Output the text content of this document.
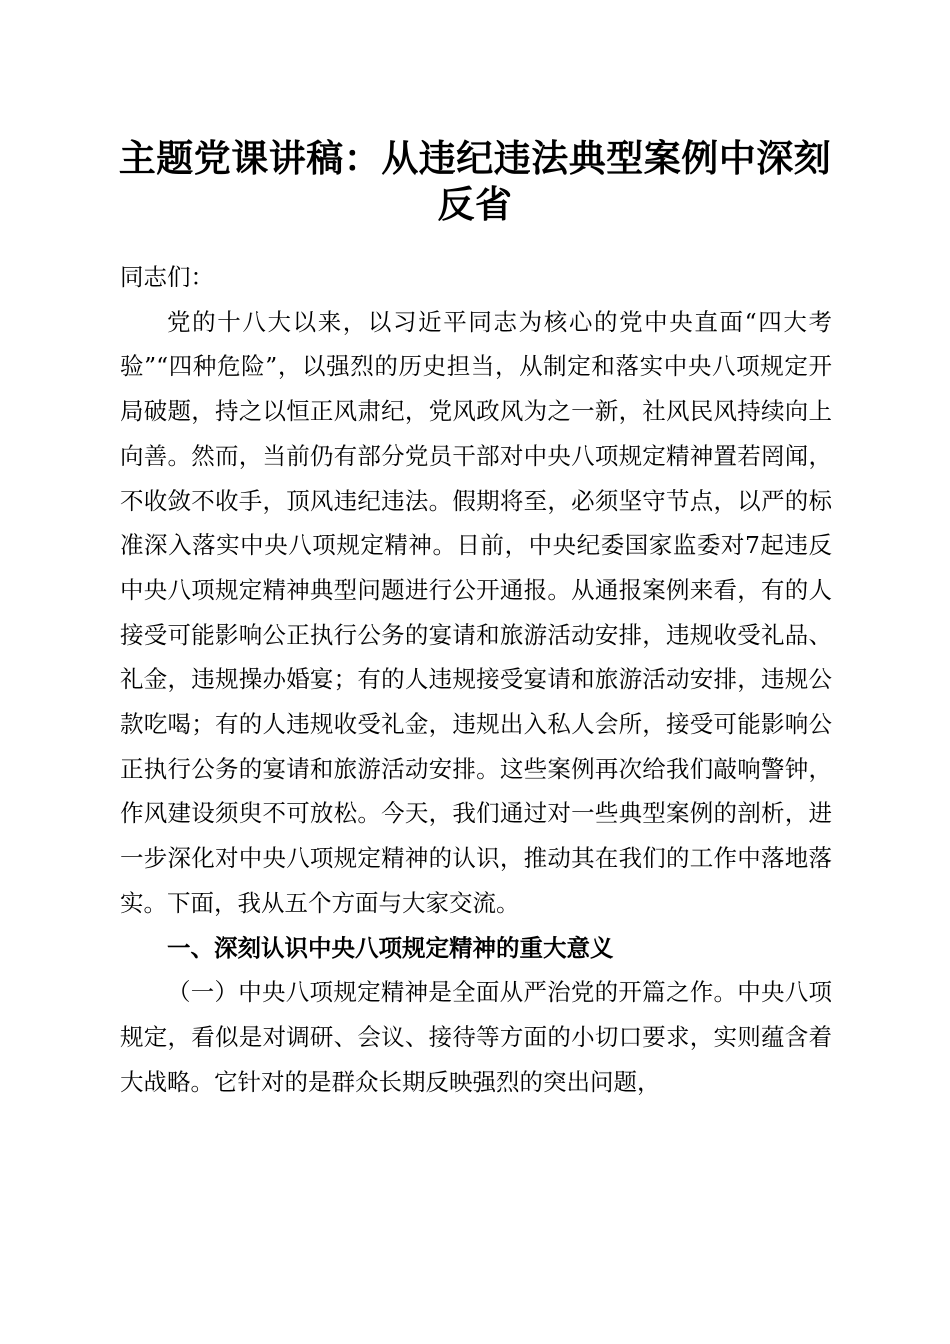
主题党课讲稿：从违纪违法典型案例中深刻反省

同志们：

党的十八大以来，以习近平同志为核心的党中央直面“四大考验”“四种危险”，以强烈的历史担当，从制定和落实中央八项规定开局破题，持之以恒正风肃纪，党风政风为之一新，社风民风持续向上向善。然而，当前仍有部分党员干部对中央八项规定精神置若罔闻，不收敛不收手，顶风违纪违法。假期将至，必须坚守节点，以严的标准深入落实中央八项规定精神。日前，中央纪委国家监委对7起违反中央八项规定精神典型问题进行公开通报。从通报案例来看，有的人接受可能影响公正执行公务的宴请和旅游活动安排，违规收受礼品、礼金，违规操办婚宴；有的人违规接受宴请和旅游活动安排，违规公款吃喝；有的人违规收受礼金，违规出入私人会所，接受可能影响公正执行公务的宴请和旅游活动安排。这些案例再次给我们敲响警钟，作风建设须臾不可放松。今天，我们通过对一些典型案例的剖析，进一步深化对中央八项规定精神的认识，推动其在我们的工作中落地落实。下面，我从五个方面与大家交流。

一、深刻认识中央八项规定精神的重大意义

（一）中央八项规定精神是全面从严治党的开篇之作。中央八项规定，看似是对调研、会议、接待等方面的小切口要求，实则蕴含着大战略。它针对的是群众长期反映强烈的突出问题，
